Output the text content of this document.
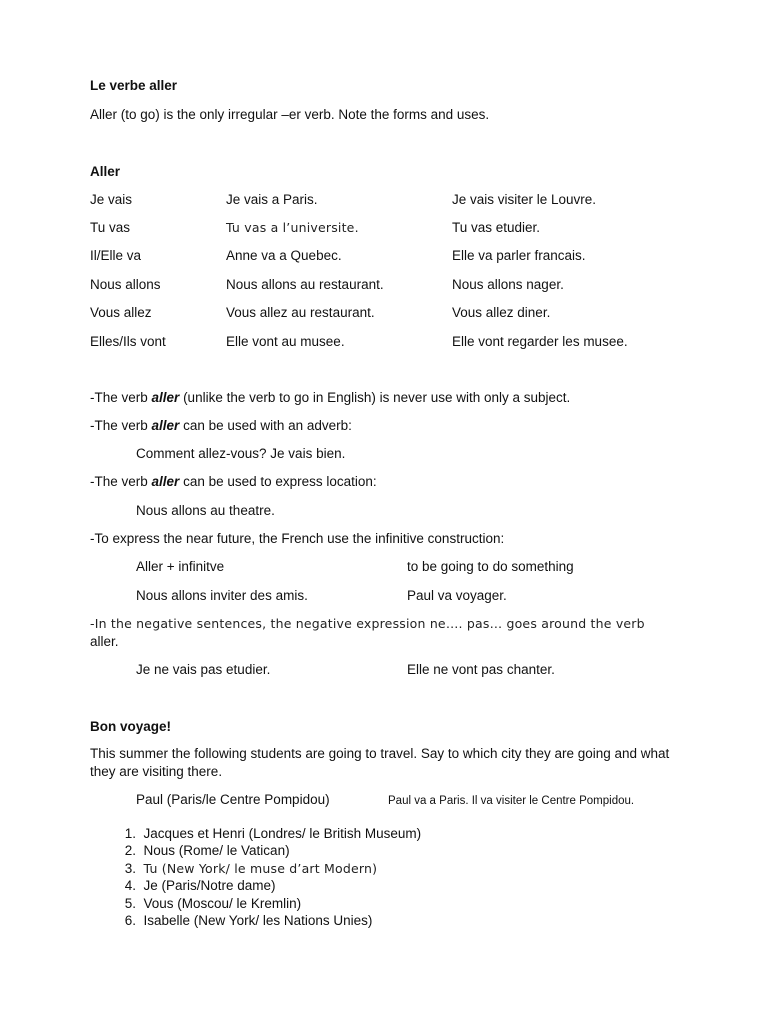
Le verbe aller
Aller (to go) is the only irregular –er verb. Note the forms and uses.
Aller
Je vais	Je vais a Paris.	Je vais visiter le Louvre.
Tu vas	Tu vas a l’universite.	Tu vas etudier.
Il/Elle va	Anne va a Quebec.	Elle va parler francais.
Nous allons	Nous allons au restaurant.	Nous allons nager.
Vous allez	Vous allez au restaurant.	Vous allez diner.
Elles/Ils vont	Elle vont au musee.	Elle vont regarder les musee.
-The verb aller (unlike the verb to go in English) is never use with only a subject.
-The verb aller can be used with an adverb:
Comment allez-vous? Je vais bien.
-The verb aller can be used to express location:
Nous allons au theatre.
-To express the near future, the French use the infinitive construction:
Aller + infinitve	to be going to do something
Nous allons inviter des amis.	Paul va voyager.
-In the negative sentences, the negative expression ne…. pas… goes around the verb
aller.
Je ne vais pas etudier.	Elle ne vont pas chanter.
Bon voyage!
This summer the following students are going to travel. Say to which city they are going and what they are visiting there.
Paul (Paris/le Centre Pompidou)	Paul va a Paris. Il va visiter le Centre Pompidou.
1. Jacques et Henri (Londres/ le British Museum)
2. Nous (Rome/ le Vatican)
3. Tu (New York/ le muse d’art Modern)
4. Je (Paris/Notre dame)
5. Vous (Moscou/ le Kremlin)
6. Isabelle (New York/ les Nations Unies)
